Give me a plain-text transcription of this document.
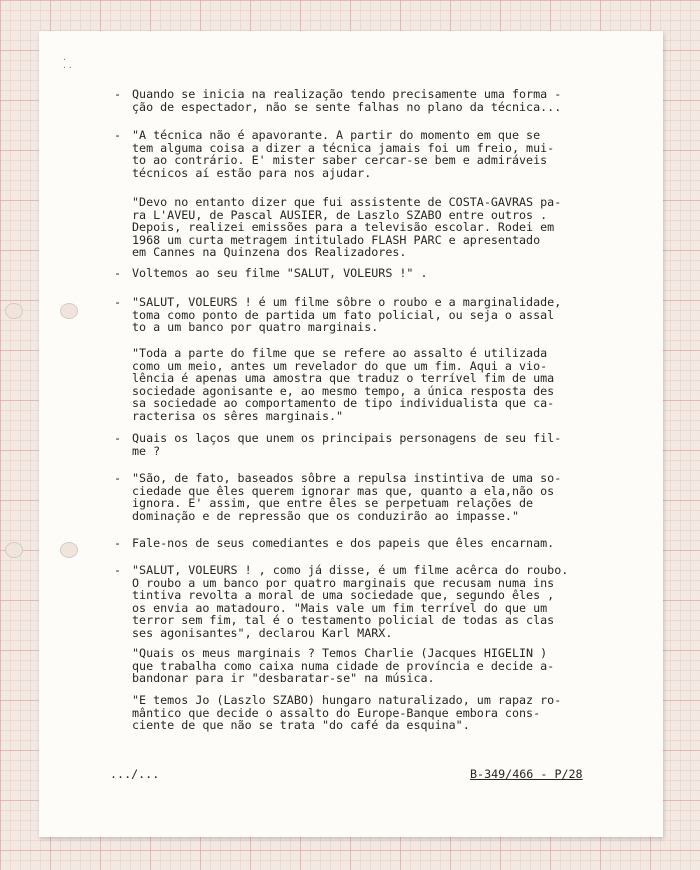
· ··
- Quando se inicia na realização tendo precisamente uma forma -
ção de espectador, não se sente falhas no plano da técnica...
- "A técnica não é apavorante. A partir do momento em que se
tem alguma coisa a dizer a técnica jamais foi um freio, mui-
to ao contrário. E' mister saber cercar-se bem e admiráveis
técnicos aí estão para nos ajudar.
"Devo no entanto dizer que fui assistente de COSTA-GAVRAS pa-
ra L'AVEU, de Pascal AUSIER, de Laszlo SZABO entre outros .
Depois, realizei emissões para a televisão escolar. Rodei em
1968 um curta metragem intitulado FLASH PARC e apresentado
em Cannes na Quinzena dos Realizadores.
- Voltemos ao seu filme "SALUT, VOLEURS !" .
- "SALUT, VOLEURS ! é um filme sôbre o roubo e a marginalidade,
toma como ponto de partida um fato policial, ou seja o assal
to a um banco por quatro marginais.
"Toda a parte do filme que se refere ao assalto é utilizada
como um meio, antes um revelador do que um fim. Aqui a vio-
lência é apenas uma amostra que traduz o terrível fim de uma
sociedade agonisante e, ao mesmo tempo, a única resposta des
sa sociedade ao comportamento de tipo individualista que ca-
racterisa os sêres marginais."
- Quais os laços que unem os principais personagens de seu fil-
me ?
- "São, de fato, baseados sôbre a repulsa instintiva de uma so-
ciedade que êles querem ignorar mas que, quanto a ela,não os
ignora. E' assim, que entre êles se perpetuam relações de
dominação e de repressão que os conduzirão ao impasse."
- Fale-nos de seus comediantes e dos papeis que êles encarnam.
- "SALUT, VOLEURS ! , como já disse, é um filme acêrca do roubo.
O roubo a um banco por quatro marginais que recusam numa ins
tintiva revolta a moral de uma sociedade que, segundo êles ,
os envia ao matadouro. "Mais vale um fim terrível do que um
terror sem fim, tal é o testamento policial de todas as clas
ses agonisantes", declarou Karl MARX.
"Quais os meus marginais ? Temos Charlie (Jacques HIGELIN )
que trabalha como caixa numa cidade de província e decide a-
bandonar para ir "desbaratar-se" na música.
"E temos Jo (Laszlo SZABO) hungaro naturalizado, um rapaz ro-
mântico que decide o assalto do Europe-Banque embora cons-
ciente de que não se trata "do café da esquina".
.../...	B-349/466 - P/28
